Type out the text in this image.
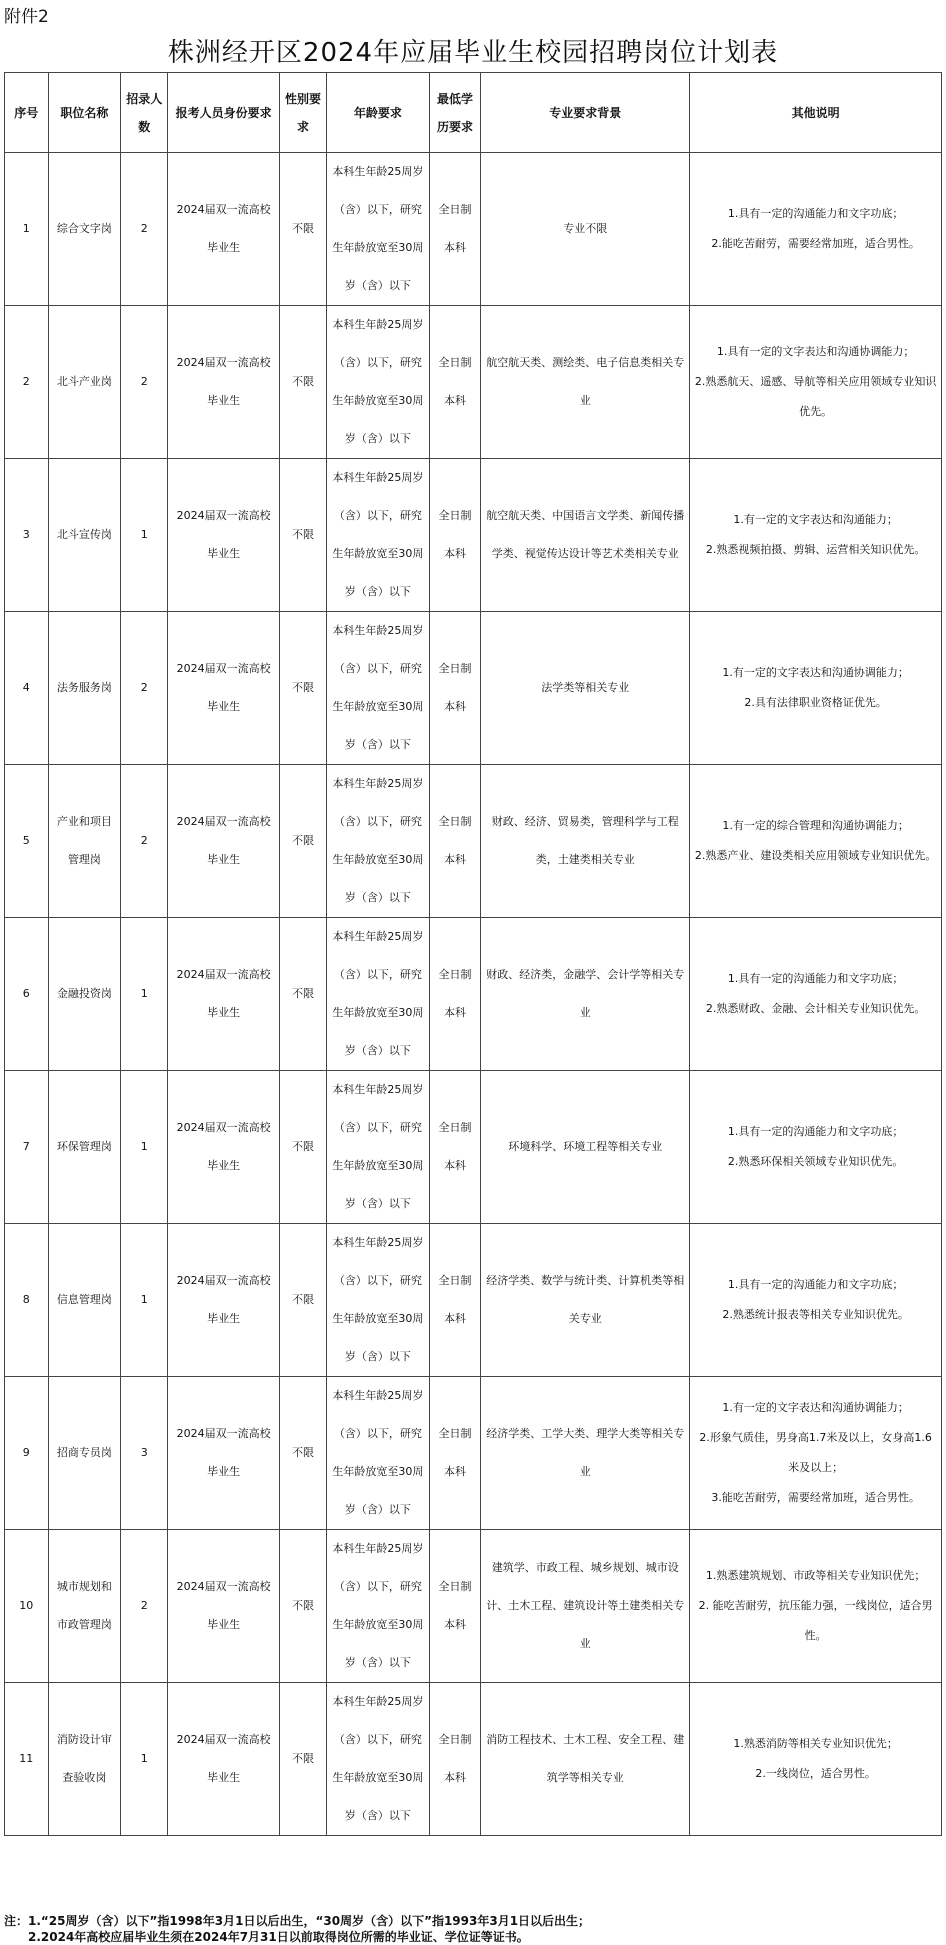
附件2
株洲经开区2024年应届毕业生校园招聘岗位计划表
序号	职位名称	招录人数	报考人员身份要求	性别要求	年龄要求	最低学历要求	专业要求背景	其他说明
1	综合文字岗	2	2024届双一流高校毕业生	不限	本科生年龄25周岁（含）以下，研究生年龄放宽至30周岁（含）以下	全日制本科	专业不限	1.具有一定的沟通能力和文字功底；
2.能吃苦耐劳，需要经常加班，适合男性。

2	北斗产业岗	2	2024届双一流高校毕业生	不限	本科生年龄25周岁（含）以下，研究生年龄放宽至30周岁（含）以下	全日制本科	航空航天类、测绘类、电子信息类相关专业	1.具有一定的文字表达和沟通协调能力；
2.熟悉航天、遥感、导航等相关应用领域专业知识优先。

3	北斗宣传岗	1	2024届双一流高校毕业生	不限	本科生年龄25周岁（含）以下，研究生年龄放宽至30周岁（含）以下	全日制本科	航空航天类、中国语言文学类、新闻传播学类、视觉传达设计等艺术类相关专业	1.有一定的文字表达和沟通能力；
2.熟悉视频拍摄、剪辑、运营相关知识优先。

4	法务服务岗	2	2024届双一流高校毕业生	不限	本科生年龄25周岁（含）以下，研究生年龄放宽至30周岁（含）以下	全日制本科	法学类等相关专业	1.有一定的文字表达和沟通协调能力；
2.具有法律职业资格证优先。

5	产业和项目管理岗	2	2024届双一流高校毕业生	不限	本科生年龄25周岁（含）以下，研究生年龄放宽至30周岁（含）以下	全日制本科	财政、经济、贸易类，管理科学与工程类，土建类相关专业	1.有一定的综合管理和沟通协调能力；
2.熟悉产业、建设类相关应用领域专业知识优先。

6	金融投资岗	1	2024届双一流高校毕业生	不限	本科生年龄25周岁（含）以下，研究生年龄放宽至30周岁（含）以下	全日制本科	财政、经济类，金融学、会计学等相关专业	1.具有一定的沟通能力和文字功底；
2.熟悉财政、金融、会计相关专业知识优先。

7	环保管理岗	1	2024届双一流高校毕业生	不限	本科生年龄25周岁（含）以下，研究生年龄放宽至30周岁（含）以下	全日制本科	环境科学、环境工程等相关专业	1.具有一定的沟通能力和文字功底；
2.熟悉环保相关领域专业知识优先。

8	信息管理岗	1	2024届双一流高校毕业生	不限	本科生年龄25周岁（含）以下，研究生年龄放宽至30周岁（含）以下	全日制本科	经济学类、数学与统计类、计算机类等相关专业	1.具有一定的沟通能力和文字功底；
2.熟悉统计报表等相关专业知识优先。

9	招商专员岗	3	2024届双一流高校毕业生	不限	本科生年龄25周岁（含）以下，研究生年龄放宽至30周岁（含）以下	全日制本科	经济学类、工学大类、理学大类等相关专业	1.有一定的文字表达和沟通协调能力；
2.形象气质佳，男身高1.7米及以上，女身高1.6米及以上；
3.能吃苦耐劳，需要经常加班，适合男性。

10	城市规划和市政管理岗	2	2024届双一流高校毕业生	不限	本科生年龄25周岁（含）以下，研究生年龄放宽至30周岁（含）以下	全日制本科	建筑学、市政工程、城乡规划、城市设计、土木工程、建筑设计等土建类相关专业	1.熟悉建筑规划、市政等相关专业知识优先；
2. 能吃苦耐劳，抗压能力强，一线岗位，适合男性。

11	消防设计审查验收岗	1	2024届双一流高校毕业生	不限	本科生年龄25周岁（含）以下，研究生年龄放宽至30周岁（含）以下	全日制本科	消防工程技术、土木工程、安全工程、建筑学等相关专业	1.熟悉消防等相关专业知识优先；
2.一线岗位，适合男性。
注：1.“25周岁（含）以下”指1998年3月1日以后出生，“30周岁（含）以下”指1993年3月1日以后出生；
2.2024年高校应届毕业生须在2024年7月31日以前取得岗位所需的毕业证、学位证等证书。
